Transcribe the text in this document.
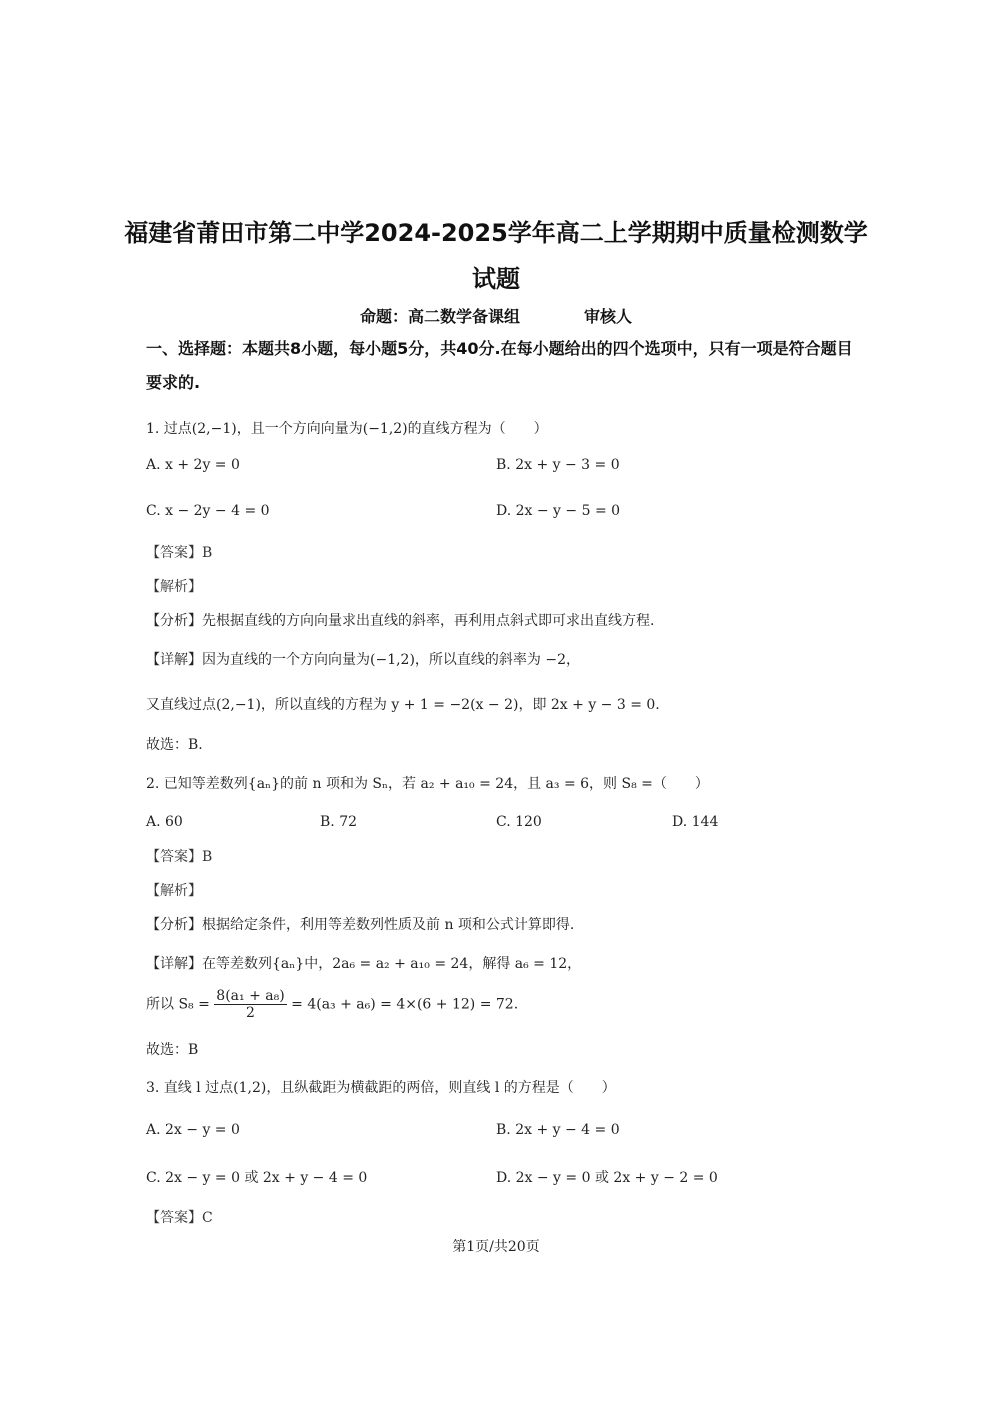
福建省莆田市第二中学2024-2025学年高二上学期期中质量检测数学
试题
命题：高二数学备课组	审核人
一、选择题：本题共8小题，每小题5分，共40分.在每小题给出的四个选项中，只有一项是符合题目要求的.
1. 过点(2,−1)，且一个方向向量为(−1,2)的直线方程为（　　）
A. x + 2y = 0	B. 2x + y − 3 = 0
C. x − 2y − 4 = 0	D. 2x − y − 5 = 0
【答案】B
【解析】
【分析】先根据直线的方向向量求出直线的斜率，再利用点斜式即可求出直线方程.
【详解】因为直线的一个方向向量为(−1,2)，所以直线的斜率为 −2，
又直线过点(2,−1)，所以直线的方程为 y + 1 = −2(x − 2)，即 2x + y − 3 = 0.
故选：B.
2. 已知等差数列{aₙ}的前 n 项和为 Sₙ，若 a₂ + a₁₀ = 24，且 a₃ = 6，则 S₈ =（　　）
A. 60	B. 72	C. 120	D. 144
【答案】B
【解析】
【分析】根据给定条件，利用等差数列性质及前 n 项和公式计算即得.
【详解】在等差数列{aₙ}中，2a₆ = a₂ + a₁₀ = 24，解得 a₆ = 12，
所以 $S_8 = \frac{\text{8(a₁ + a₈)}}{2} = 4(a_3 + a_6) = 4\times(6 + 12) = 72$.
故选：B
3. 直线 l 过点(1,2)，且纵截距为横截距的两倍，则直线 l 的方程是（　　）
A. 2x − y = 0	B. 2x + y − 4 = 0
C. 2x − y = 0 或 2x + y − 4 = 0	D. 2x − y = 0 或 2x + y − 2 = 0
【答案】C
第1页/共20页
